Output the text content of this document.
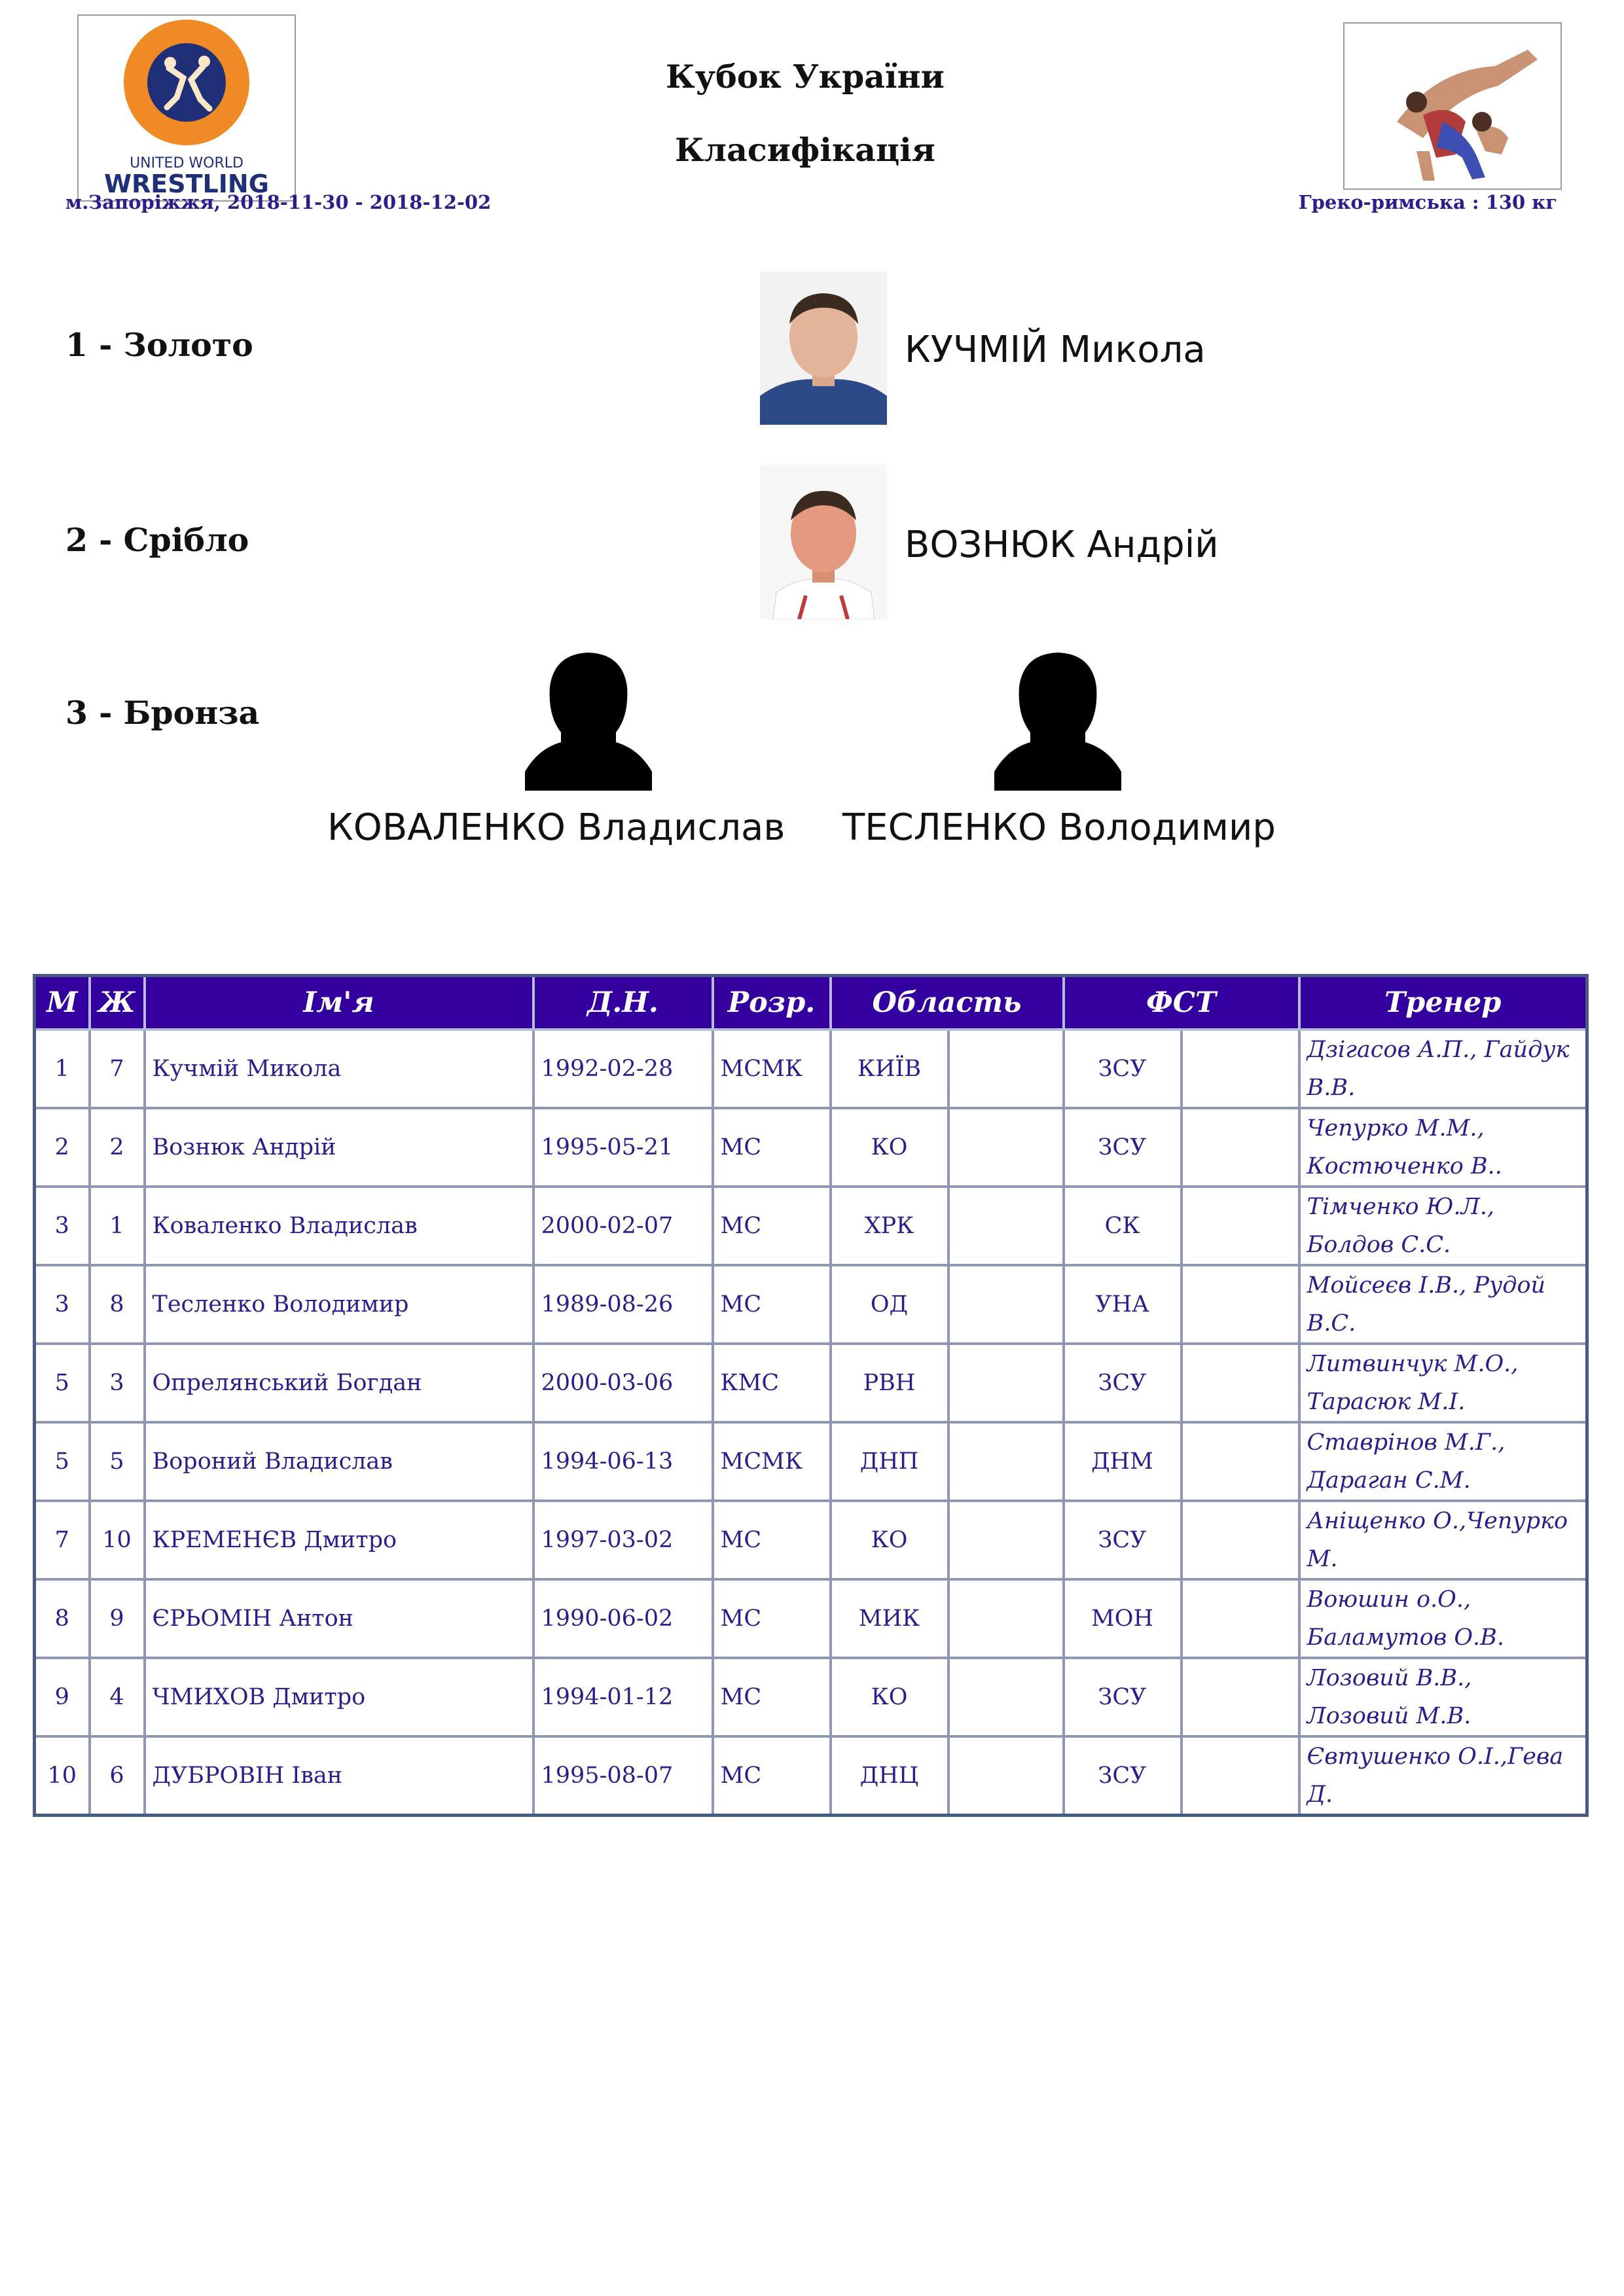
UNITED WORLD
WRESTLING
Кубок України
Класифікація
м.Запоріжжя, 2018-11-30 - 2018-12-02	Греко-римська : 130 кг
1 - Золото	КУЧМІЙ Микола
2 - Срібло	ВОЗНЮК Андрій
3 - Бронза
КОВАЛЕНКО Владислав ТЕСЛЕНКО Володимир
М	Ж	Ім'я	Д.Н.	Розр.	Область		ФСТ		Тренер
1	7	Кучмій Микола	1992-02-28	МСМК	КИЇВ		ЗСУ		Дзігасов А.П., Гайдук В.В.
2	2	Вознюк Андрій	1995-05-21	МС	КО		ЗСУ		Чепурко М.М., Костюченко В..
3	1	Коваленко Владислав	2000-02-07	МС	ХРК		СК		Тімченко Ю.Л., Болдов С.С.
3	8	Тесленко Володимир	1989-08-26	МС	ОД		УНА		Мойсеєв І.В., Рудой В.С.
5	3	Опрелянський Богдан	2000-03-06	КМС	РВН		ЗСУ		Литвинчук М.О., Тарасюк М.І.
5	5	Вороний Владислав	1994-06-13	МСМК	ДНП		ДНМ		Ставрінов М.Г., Дараган С.М.
7	10	КРЕМЕНЄВ Дмитро	1997-03-02	МС	КО		ЗСУ		Аніщенко О.,Чепурко М.
8	9	ЄРЬОМІН Антон	1990-06-02	МС	МИК		МОН		Воюшин о.О., Баламутов О.В.
9	4	ЧМИХОВ Дмитро	1994-01-12	МС	КО		ЗСУ		Лозовий В.В., Лозовий М.В.
10	6	ДУБРОВІН Іван	1995-08-07	МС	ДНЦ		ЗСУ		Євтушенко О.І.,Гева Д.
